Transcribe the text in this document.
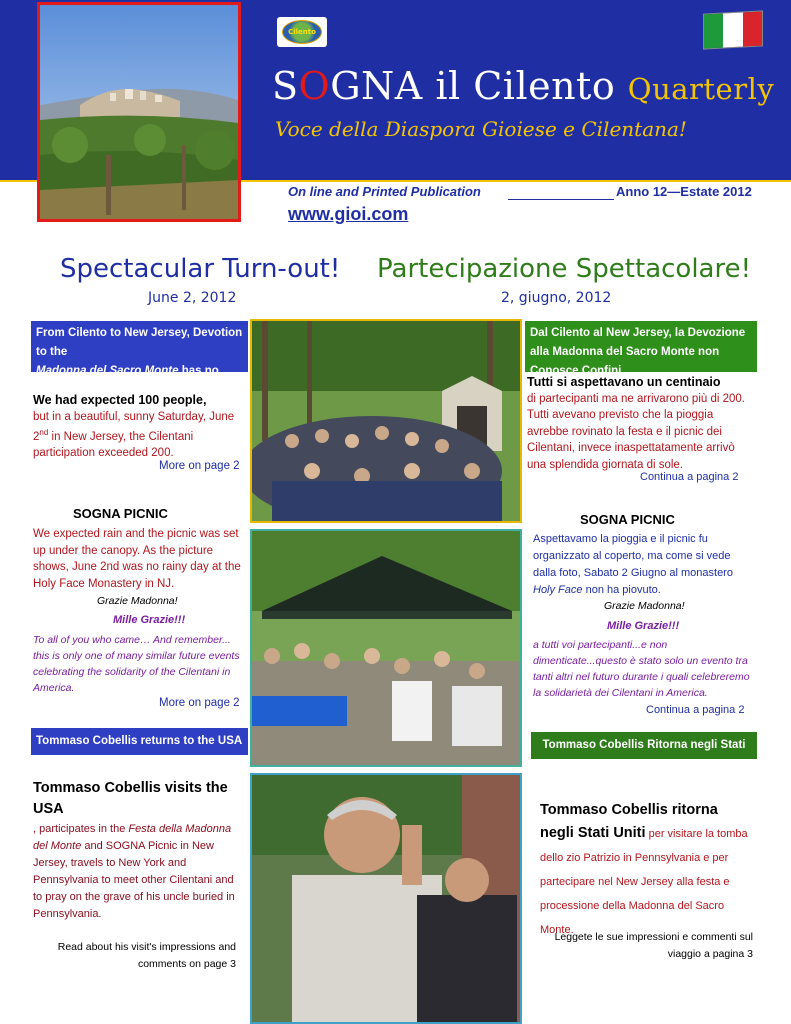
Cilento
SOGNA il Cilento Quarterly
Voce della Diaspora Gioiese e Cilentana!
On line and Printed Publication	Anno 12—Estate 2012
www.gioi.com
Spectacular Turn-out! Partecipazione Spettacolare!
June 2, 2012	2, giugno, 2012
From Cilento to New Jersey, Devotion to the
Madonna del Sacro Monte has no Borders
Dal Cilento al New Jersey, la Devozione alla Madonna del Sacro Monte non Conosce Confini
We had expected 100 people,
but in a beautiful, sunny Saturday, June 2nd in New Jersey, the Cilentani participation exceeded 200.
More on page 2
SOGNA PICNIC
We expected rain and the picnic was set up under the canopy. As the picture shows, June 2nd was no rainy day at the Holy Face Monastery in NJ.
Grazie Madonna!
Mille Grazie!!!
To all of you who came… And remember... this is only one of many similar future events celebrating the solidarity of the Cilentani in America.
More on page 2
Tommaso Cobellis returns to the USA
Tommaso Cobellis visits the USA
, participates in the Festa della Madonna del Monte and SOGNA Picnic in New Jersey, travels to New York and Pennsylvania to meet other Cilentani and to pray on the grave of his uncle buried in Pennsylvania.
Read about his visit's impressions and comments on page 3
Tutti si aspettavano un centinaio
di partecipanti ma ne arrivarono più di 200. Tutti avevano previsto che la pioggia avrebbe rovinato la festa e il picnic dei Cilentani, invece inaspettatamente arrivò una splendida giornata di sole.
Continua a pagina 2
SOGNA PICNIC
Aspettavamo la pioggia e il picnic fu organizzato al coperto, ma come si vede dalla foto, Sabato 2 Giugno al monastero Holy Face non ha piovuto.
Grazie Madonna!
Mille Grazie!!!
a tutti voi partecipanti...e non dimenticate...questo è stato solo un evento tra tanti altri nel futuro durante i quali celebreremo la solidarietà dei Cilentani in America.
Continua a pagina 2
Tommaso Cobellis Ritorna negli Stati Uniti
Tommaso Cobellis ritorna negli Stati Uniti per visitare la tomba dello zio Patrizio in Pennsylvania e per partecipare nel New Jersey alla festa e processione della Madonna del Sacro Monte.
Leggete le sue impressioni e commenti sul viaggio a pagina 3
